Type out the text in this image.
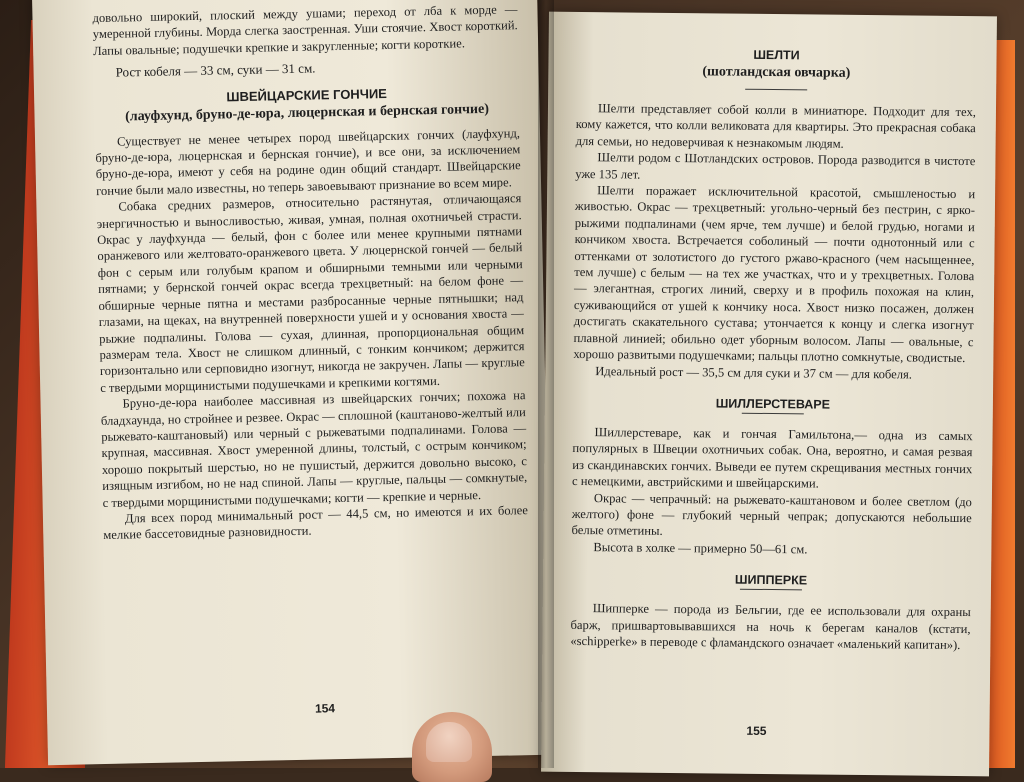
довольно широкий, плоский между ушами; переход от лба к морде — умеренной глубины. Морда слегка заостренная. Уши стоячие. Хвост короткий. Лапы овальные; подушечки крепкие и закругленные; когти короткие.

Рост кобеля — 33 см, суки — 31 см.

ШВЕЙЦАРСКИЕ ГОНЧИЕ
(лауфхунд, бруно-де-юра, люцернская и бернская гончие)

Существует не менее четырех пород швейцарских гончих (лауфхунд, бруно-де-юра, люцернская и бернская гончие), и все они, за исключением бруно-де-юра, имеют у себя на родине один общий стандарт. Швейцарские гончие были мало известны, но теперь завоевывают признание во всем мире.

Собака средних размеров, относительно растянутая, отличающаяся энергичностью и выносливостью, живая, умная, полная охотничьей страсти. Окрас у лауфхунда — белый, фон с более или менее крупными пятнами оранжевого или желтовато-оранжевого цвета. У люцернской гончей — белый фон с серым или голубым крапом и обширными темными или черными пятнами; у бернской гончей окрас всегда трехцветный: на белом фоне — обширные черные пятна и местами разбросанные черные пятнышки; над глазами, на щеках, на внутренней поверхности ушей и у основания хвоста — рыжие подпалины. Голова — сухая, длинная, пропорциональная общим размерам тела. Хвост не слишком длинный, с тонким кончиком; держится горизонтально или серповидно изогнут, никогда не закручен. Лапы — круглые с твердыми морщинистыми подушечками и крепкими когтями.

Бруно-де-юра наиболее массивная из швейцарских гончих; похожа на бладхаунда, но стройнее и резвее. Окрас — сплошной (каштаново-желтый или рыжевато-каштановый) или черный с рыжеватыми подпалинами. Голова — крупная, массивная. Хвост умеренной длины, толстый, с острым кончиком; хорошо покрытый шерстью, но не пушистый, держится довольно высоко, с изящным изгибом, но не над спиной. Лапы — круглые, пальцы — сомкнутые, с твердыми морщинистыми подушечками; когти — крепкие и черные.

Для всех пород минимальный рост — 44,5 см, но имеются и их более мелкие бассетовидные разновидности.

154
ШЕЛТИ
(шотландская овчарка)

Шелти представляет собой колли в миниатюре. Подходит для тех, кому кажется, что колли великовата для квартиры. Это прекрасная собака для семьи, но недоверчивая к незнакомым людям.

Шелти родом с Шотландских островов. Порода разводится в чистоте уже 135 лет.

Шелти поражает исключительной красотой, смышленостью и живостью. Окрас — трехцветный: угольно-черный без пестрин, с ярко-рыжими подпалинами (чем ярче, тем лучше) и белой грудью, ногами и кончиком хвоста. Встречается соболиный — почти однотонный или с оттенками от золотистого до густого ржаво-красного (чем насыщеннее, тем лучше) с белым — на тех же участках, что и у трехцветных. Голова — элегантная, строгих линий, сверху и в профиль похожая на клин, суживающийся от ушей к кончику носа. Хвост низко посажен, должен достигать скакательного сустава; утончается к концу и слегка изогнут плавной линией; обильно одет уборным волосом. Лапы — овальные, с хорошо развитыми подушечками; пальцы плотно сомкнутые, сводистые.

Идеальный рост — 35,5 см для суки и 37 см — для кобеля.

ШИЛЛЕРСТЕВАРЕ

Шиллерстеваре, как и гончая Гамильтона,— одна из самых популярных в Швеции охотничьих собак. Она, вероятно, и самая резвая из скандинавских гончих. Выведи ее путем скрещивания местных гончих с немецкими, австрийскими и швейцарскими.

Окрас — чепрачный: на рыжевато-каштановом и более светлом (до желтого) фоне — глубокий черный чепрак; допускаются небольшие белые отметины.

Высота в холке — примерно 50—61 см.

ШИППЕРКЕ

Шипперке — порода из Бельгии, где ее использовали для охраны барж, пришвартовывавшихся на ночь к берегам каналов (кстати, «schipperke» в переводе с фламандского означает «маленький капитан»).

155
